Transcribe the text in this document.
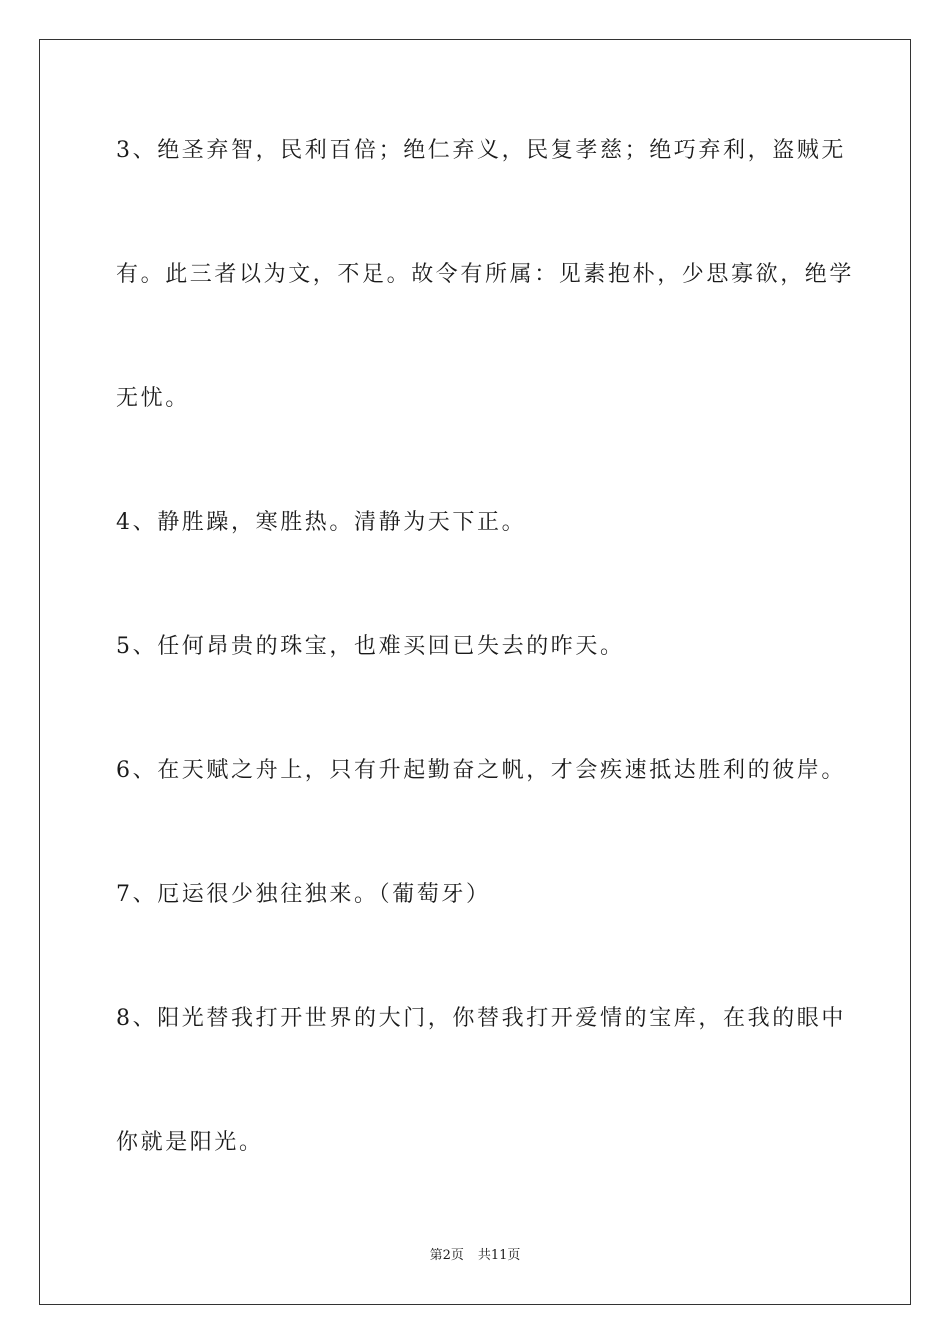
3、绝圣弃智，民利百倍；绝仁弃义，民复孝慈；绝巧弃利，盗贼无
有。此三者以为文，不足。故令有所属：见素抱朴，少思寡欲，绝学
无忧。
4、静胜躁，寒胜热。清静为天下正。
5、任何昂贵的珠宝，也难买回已失去的昨天。
6、在天赋之舟上，只有升起勤奋之帆，才会疾速抵达胜利的彼岸。
7、厄运很少独往独来。（葡萄牙）
8、阳光替我打开世界的大门，你替我打开爱情的宝库，在我的眼中
你就是阳光。
第2页 共11页
